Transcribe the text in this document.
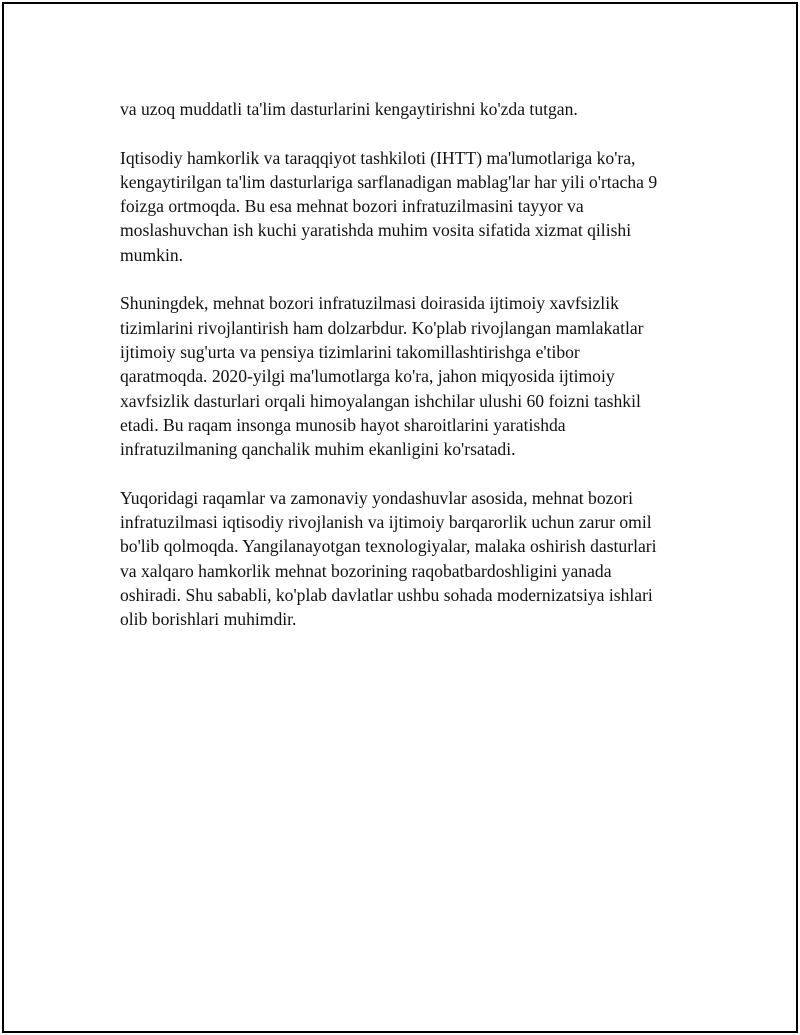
va uzoq muddatli ta'lim dasturlarini kengaytirishni ko'zda tutgan.

Iqtisodiy hamkorlik va taraqqiyot tashkiloti (IHTT) ma'lumotlariga ko'ra,
kengaytirilgan ta'lim dasturlariga sarflanadigan mablag'lar har yili o'rtacha 9
foizga ortmoqda. Bu esa mehnat bozori infratuzilmasini tayyor va
moslashuvchan ish kuchi yaratishda muhim vosita sifatida xizmat qilishi
mumkin.

Shuningdek, mehnat bozori infratuzilmasi doirasida ijtimoiy xavfsizlik
tizimlarini rivojlantirish ham dolzarbdur. Ko'plab rivojlangan mamlakatlar
ijtimoiy sug'urta va pensiya tizimlarini takomillashtirishga e'tibor
qaratmoqda. 2020-yilgi ma'lumotlarga ko'ra, jahon miqyosida ijtimoiy
xavfsizlik dasturlari orqali himoyalangan ishchilar ulushi 60 foizni tashkil
etadi. Bu raqam insonga munosib hayot sharoitlarini yaratishda
infratuzilmaning qanchalik muhim ekanligini ko'rsatadi.

Yuqoridagi raqamlar va zamonaviy yondashuvlar asosida, mehnat bozori
infratuzilmasi iqtisodiy rivojlanish va ijtimoiy barqarorlik uchun zarur omil
bo'lib qolmoqda. Yangilanayotgan texnologiyalar, malaka oshirish dasturlari
va xalqaro hamkorlik mehnat bozorining raqobatbardoshligini yanada
oshiradi. Shu sababli, ko'plab davlatlar ushbu sohada modernizatsiya ishlari
olib borishlari muhimdir.
